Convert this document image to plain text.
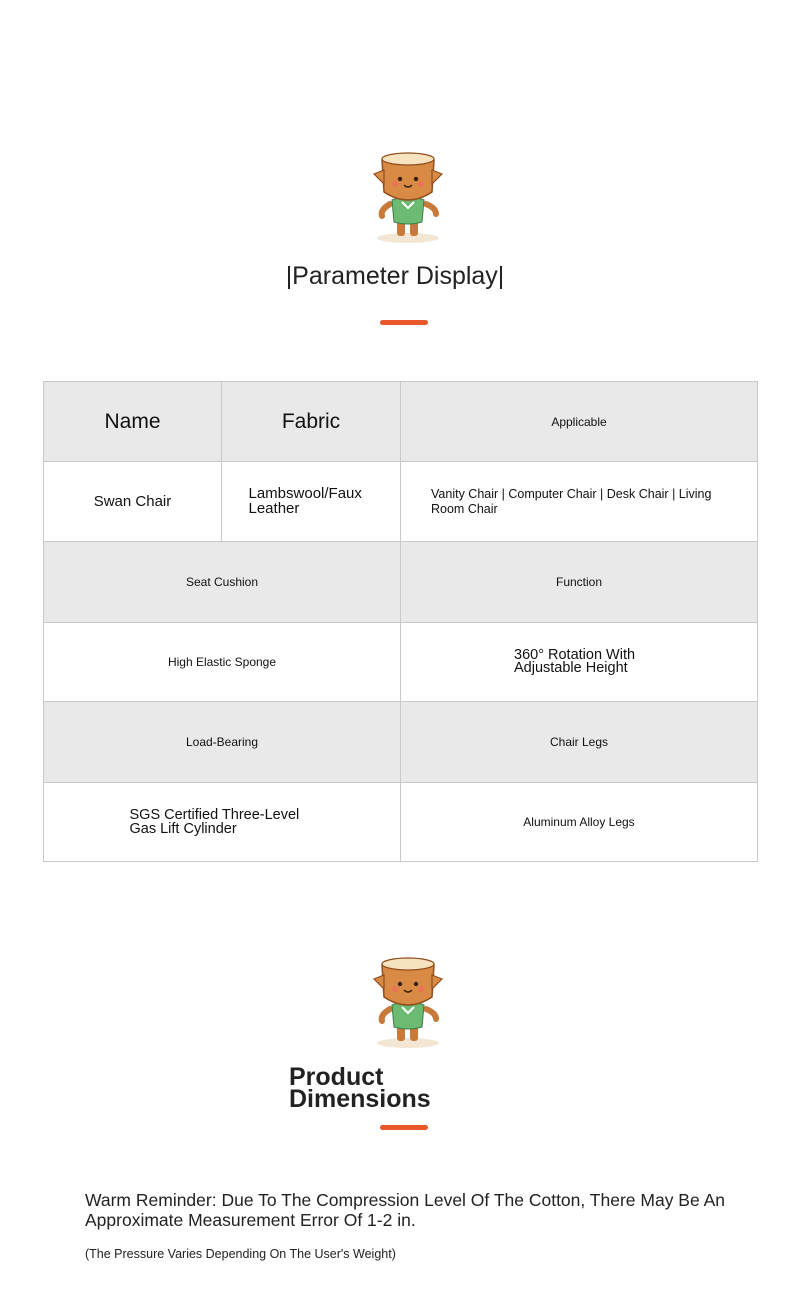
|Parameter Display|
Name	Fabric	Applicable
Swan Chair	Lambswool/Faux Leather	Vanity Chair | Computer Chair | Desk Chair | Living Room Chair
Seat Cushion		Function
High Elastic Sponge		360° Rotation With Adjustable Height
Load-Bearing		Chair Legs
SGS Certified Three-Level Gas Lift Cylinder		Aluminum Alloy Legs
Product Dimensions
Warm Reminder: Due To The Compression Level Of The Cotton, There May Be An Approximate Measurement Error Of 1-2 in.
(The Pressure Varies Depending On The User's Weight)
